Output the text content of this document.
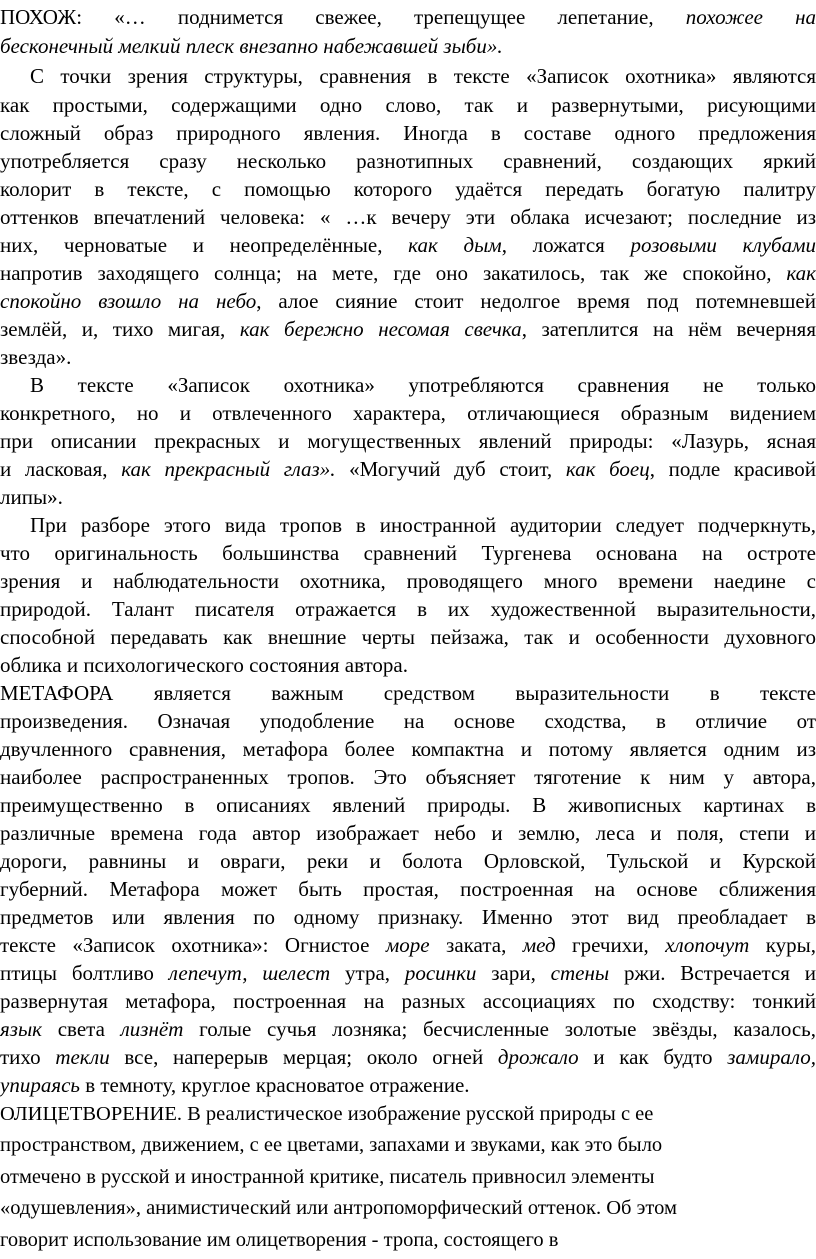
ПОХОЖ: «… поднимется свежее, трепещущее лепетание, похожее на
бесконечный мелкий плеск внезапно набежавшей зыби».
С точки зрения структуры, сравнения в тексте «Записок охотника» являются
как простыми, содержащими одно слово, так и развернутыми, рисующими
сложный образ природного явления. Иногда в составе одного предложения
употребляется сразу несколько разнотипных сравнений, создающих яркий
колорит в тексте, с помощью которого удаётся передать богатую палитру
оттенков впечатлений человека: « …к вечеру эти облака исчезают; последние из
них, черноватые и неопределённые, как дым, ложатся розовыми клубами
напротив заходящего солнца; на мете, где оно закатилось, так же спокойно, как
спокойно взошло на небо, алое сияние стоит недолгое время под потемневшей
землёй, и, тихо мигая, как бережно несомая свечка, затеплится на нём вечерняя
звезда».
В тексте «Записок охотника» употребляются сравнения не только
конкретного, но и отвлеченного характера, отличающиеся образным видением
при описании прекрасных и могущественных явлений природы: «Лазурь, ясная
и ласковая, как прекрасный глаз». «Могучий дуб стоит, как боец, подле красивой
липы».
При разборе этого вида тропов в иностранной аудитории следует подчеркнуть,
что оригинальность большинства сравнений Тургенева основана на остроте
зрения и наблюдательности охотника, проводящего много времени наедине с
природой. Талант писателя отражается в их художественной выразительности,
способной передавать как внешние черты пейзажа, так и особенности духовного
облика и психологического состояния автора.
МЕТАФОРА является важным средством выразительности в тексте
произведения. Означая уподобление на основе сходства, в отличие от
двучленного сравнения, метафора более компактна и потому является одним из
наиболее распространенных тропов. Это объясняет тяготение к ним у автора,
преимущественно в описаниях явлений природы. В живописных картинах в
различные времена года автор изображает небо и землю, леса и поля, степи и
дороги, равнины и овраги, реки и болота Орловской, Тульской и Курской
губерний. Метафора может быть простая, построенная на основе сближения
предметов или явления по одному признаку. Именно этот вид преобладает в
тексте «Записок охотника»: Огнистое море заката, мед гречихи, хлопочут куры,
птицы болтливо лепечут, шелест утра, росинки зари, стены ржи. Встречается и
развернутая метафора, построенная на разных ассоциациях по сходству: тонкий
язык света лизнёт голые сучья лозняка; бесчисленные золотые звёзды, казалось,
тихо текли все, наперерыв мерцая; около огней дрожало и как будто замирало,
упираясь в темноту, круглое красноватое отражение.
ОЛИЦЕТВОРЕНИЕ. В реалистическое изображение русской природы с ее
пространством, движением, с ее цветами, запахами и звуками, как это было
отмечено в русской и иностранной критике, писатель привносил элементы
«одушевления», анимистический или антропоморфический оттенок. Об этом
говорит использование им олицетворения - тропа, состоящего в
